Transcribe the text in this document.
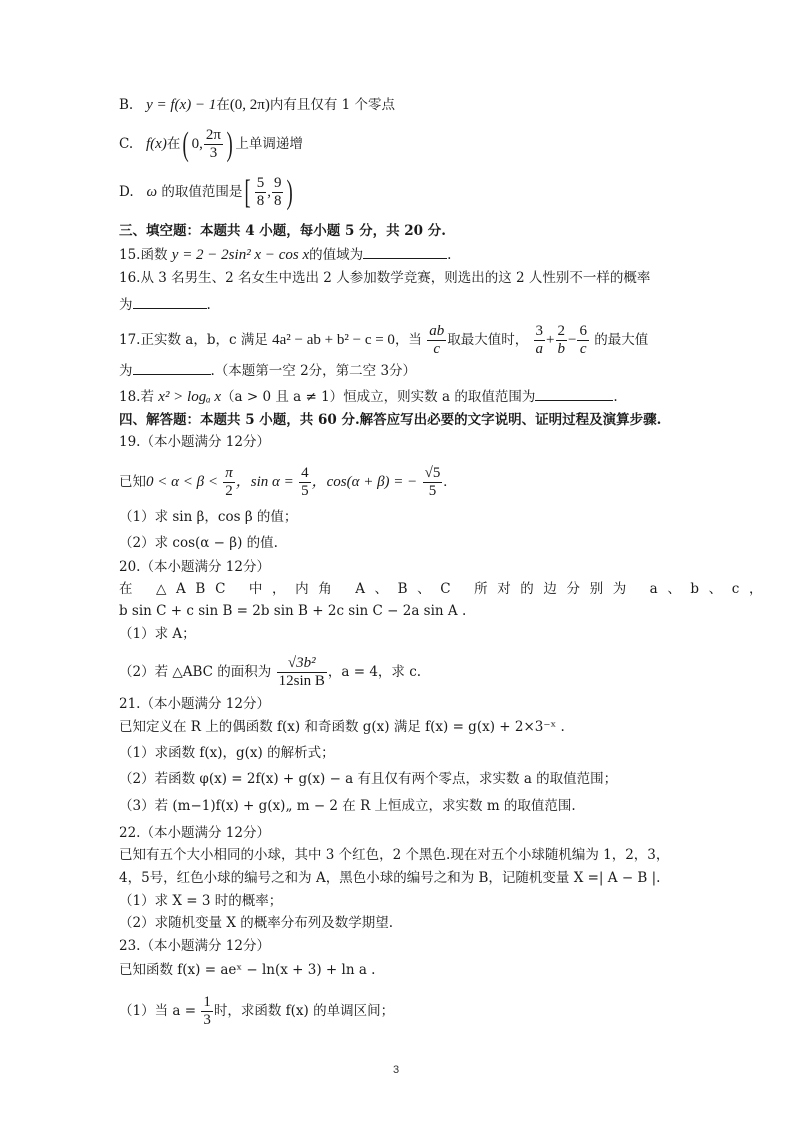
B. y = f(x) − 1在(0, 2π)内有且仅有 1 个零点
C. f(x)在( 0, $\frac{2\pi}{3}$ ) 上单调递增
D. ω 的取值范围是[ $\frac{5}{8}$ , $\frac{9}{8}$ )
三、填空题：本题共 4 小题，每小题 5 分，共 20 分.
15.函数 y = 2 − 2sin² x − cos x的值域为	.
16.从 3 名男生、2 名女生中选出 2 人参加数学竞赛，则选出的这 2 人性别不一样的概率
为	.
17.正实数 a，b，c 满足 4a² − ab + b² − c = 0，当 $\frac{ab}{c}$ 取最大值时， $\frac{3}{a} + \frac{2}{b} - \frac{6}{c}$ 的最大值
为	.（本题第一空 2分，第二空 3分）
18.若 x² > logₐ x（a > 0 且 a ≠ 1）恒成立，则实数 a 的取值范围为	.
四、解答题：本题共 5 小题，共 60 分.解答应写出必要的文字说明、证明过程及演算步骤.
19.（本小题满分 12分）
已知$0 < \alpha < \beta < \frac{\pi}{2}$ ，$\sin \alpha = \frac{4}{5}$ ，cos(α + β) = − $\frac{√5}{5}$ .
（1）求 sin β，cos β 的值；
（2）求 cos(α − β) 的值.
20.（本小题满分 12分）
在 △ABC 中，内角 A、B、C 所对的边分别为 a、b、c，
b sin C + c sin B = 2b sin B + 2c sin C − 2a sin A .
（1）求 A；
（2）若 △ABC 的面积为 $\frac{\text{√3b²}}{\text{12sin B}}$ ，a = 4，求 c.
21.（本小题满分 12分）
已知定义在 R 上的偶函数 f(x) 和奇函数 g(x) 满足 f(x) = g(x) + 2×3⁻ˣ .
（1）求函数 f(x)，g(x) 的解析式；
（2）若函数 φ(x) = 2f(x) + g(x) − a 有且仅有两个零点，求实数 a 的取值范围；
（3）若 (m−1)f(x) + g(x)„ m − 2 在 R 上恒成立，求实数 m 的取值范围.
22.（本小题满分 12分）
已知有五个大小相同的小球，其中 3 个红色，2 个黑色.现在对五个小球随机编为 1，2，3，
4，5号，红色小球的编号之和为 A，黑色小球的编号之和为 B，记随机变量 X =| A − B |.
（1）求 X = 3 时的概率；
（2）求随机变量 X 的概率分布列及数学期望.
23.（本小题满分 12分）
已知函数 f(x) = aeˣ − ln(x + 3) + ln a .
（1）当 $a = \frac{1}{3}$ 时，求函数 f(x) 的单调区间；
3
